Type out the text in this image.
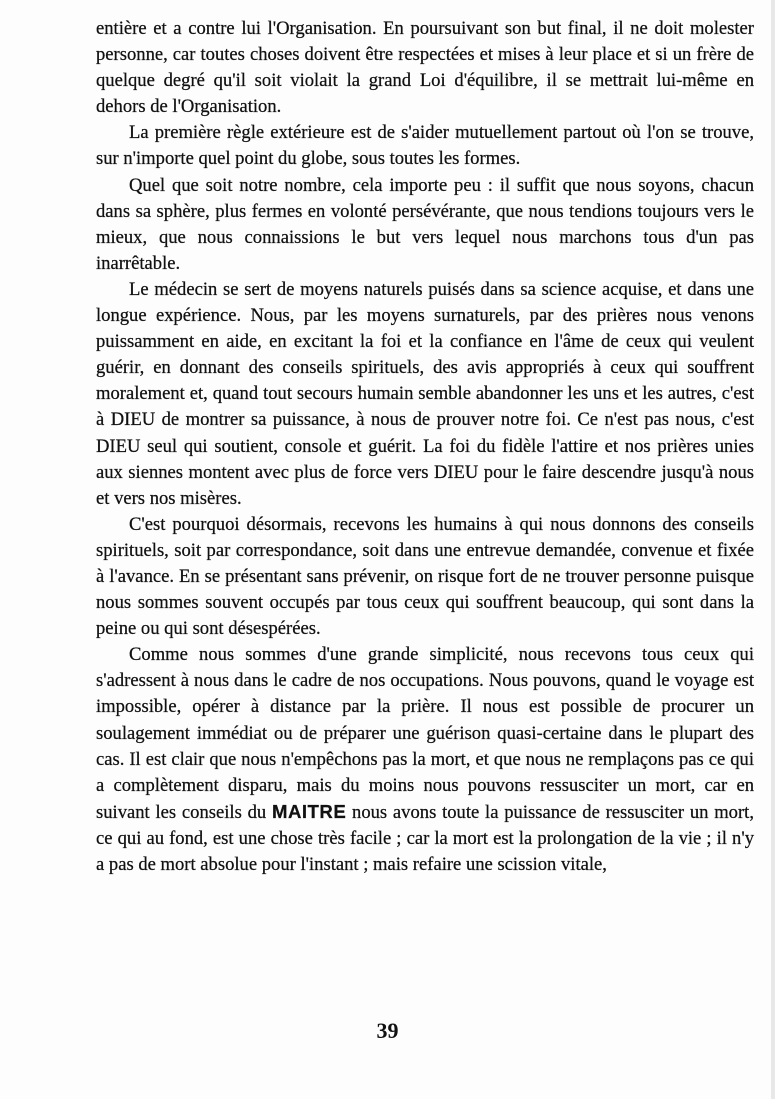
entière et a contre lui l'Organisation. En poursuivant son but final, il ne doit molester personne, car toutes choses doivent être respectées et mises à leur place et si un frère de quelque degré qu'il soit violait la grand Loi d'équilibre, il se mettrait lui-même en dehors de l'Organisation.

La première règle extérieure est de s'aider mutuellement partout où l'on se trouve, sur n'importe quel point du globe, sous toutes les formes.

Quel que soit notre nombre, cela importe peu : il suffit que nous soyons, chacun dans sa sphère, plus fermes en volonté persévérante, que nous tendions toujours vers le mieux, que nous connaissions le but vers lequel nous marchons tous d'un pas inarrêtable.

Le médecin se sert de moyens naturels puisés dans sa science acquise, et dans une longue expérience. Nous, par les moyens surnaturels, par des prières nous venons puissamment en aide, en excitant la foi et la confiance en l'âme de ceux qui veulent guérir, en donnant des conseils spirituels, des avis appropriés à ceux qui souffrent moralement et, quand tout secours humain semble abandonner les uns et les autres, c'est à DIEU de montrer sa puissance, à nous de prouver notre foi. Ce n'est pas nous, c'est DIEU seul qui soutient, console et guérit. La foi du fidèle l'attire et nos prières unies aux siennes montent avec plus de force vers DIEU pour le faire descendre jusqu'à nous et vers nos misères.

C'est pourquoi désormais, recevons les humains à qui nous donnons des conseils spirituels, soit par correspondance, soit dans une entrevue demandée, convenue et fixée à l'avance. En se présentant sans prévenir, on risque fort de ne trouver personne puisque nous sommes souvent occupés par tous ceux qui souffrent beaucoup, qui sont dans la peine ou qui sont désespérées.

Comme nous sommes d'une grande simplicité, nous recevons tous ceux qui s'adressent à nous dans le cadre de nos occupations. Nous pouvons, quand le voyage est impossible, opérer à distance par la prière. Il nous est possible de procurer un soulagement immédiat ou de préparer une guérison quasi-certaine dans le plupart des cas. Il est clair que nous n'empêchons pas la mort, et que nous ne remplaçons pas ce qui a complètement disparu, mais du moins nous pouvons ressusciter un mort, car en suivant les conseils du MAITRE nous avons toute la puissance de ressusciter un mort, ce qui au fond, est une chose très facile ; car la mort est la prolongation de la vie ; il n'y a pas de mort absolue pour l'instant ; mais refaire une scission vitale,

39
